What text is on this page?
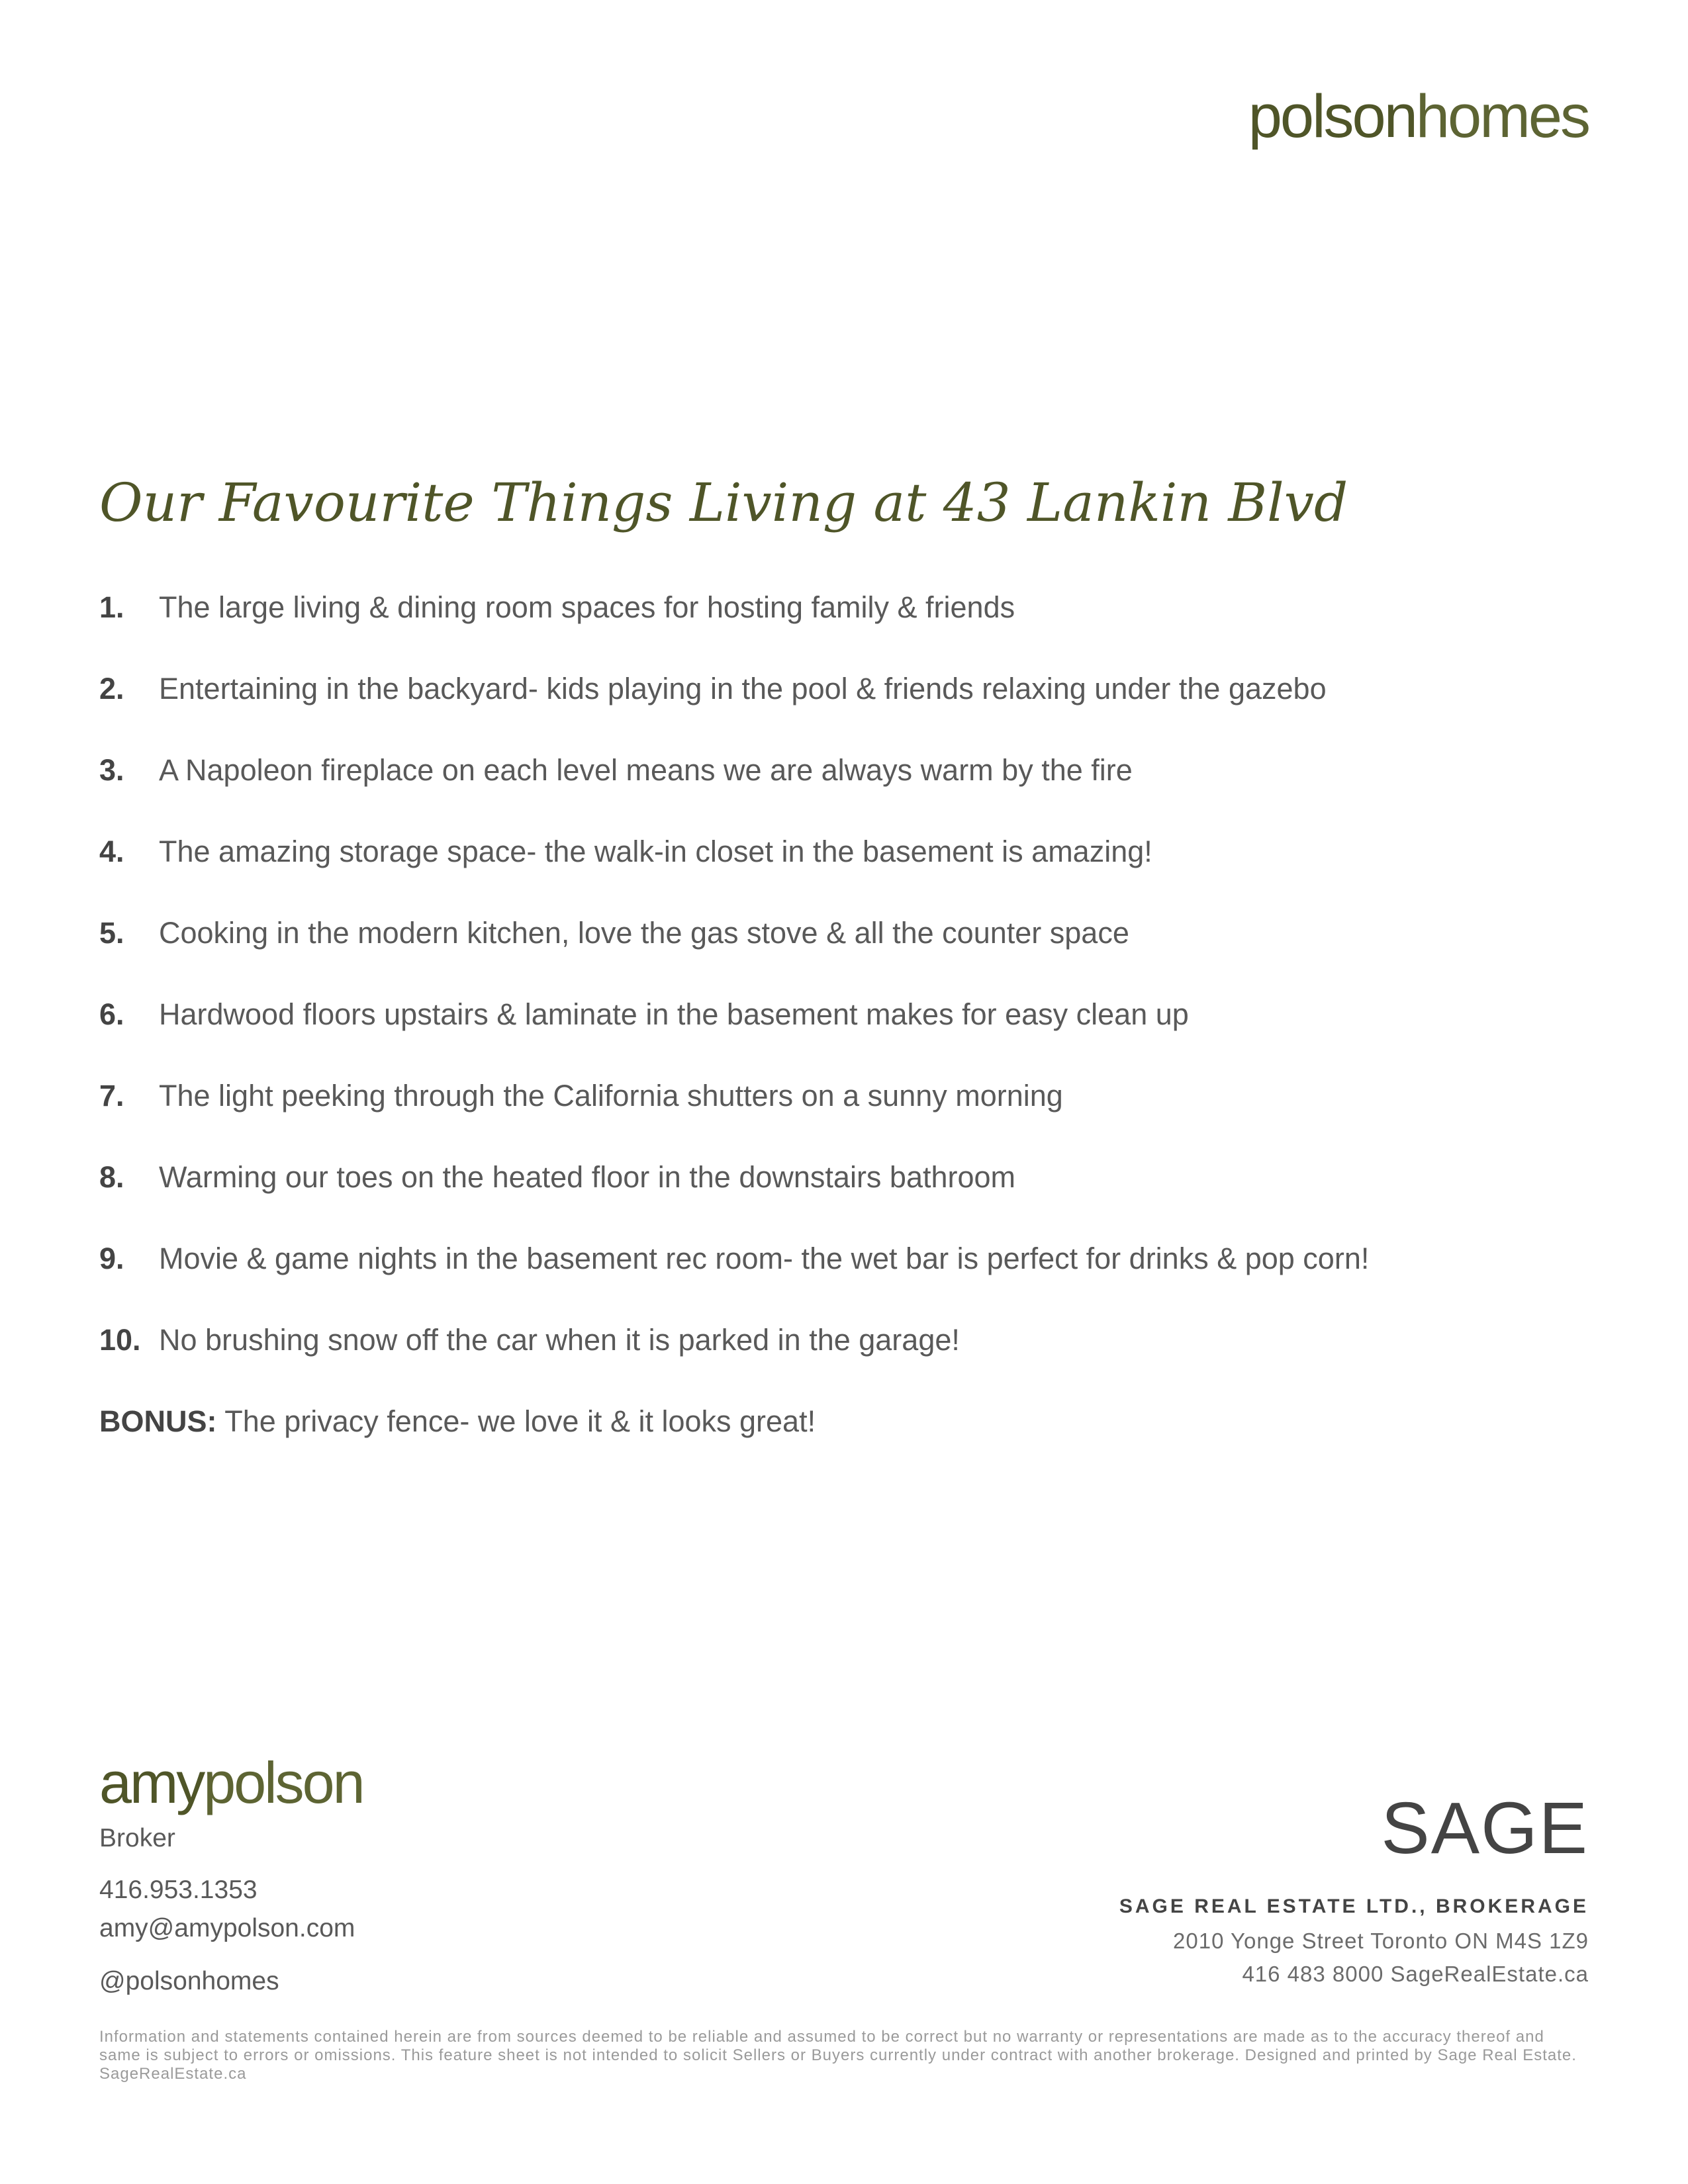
polsonhomes
Our Favourite Things Living at 43 Lankin Blvd
1.	The large living & dining room spaces for hosting family & friends
2.	Entertaining in the backyard- kids playing in the pool & friends relaxing under the gazebo
3.	A Napoleon fireplace on each level means we are always warm by the fire
4.	The amazing storage space- the walk-in closet in the basement is amazing!
5.	Cooking in the modern kitchen, love the gas stove & all the counter space
6.	Hardwood floors upstairs & laminate in the basement makes for easy clean up
7.	The light peeking through the California shutters on a sunny morning
8.	Warming our toes on the heated floor in the downstairs bathroom
9.	Movie & game nights in the basement rec room- the wet bar is perfect for drinks & pop corn!
10. No brushing snow off the car when it is parked in the garage!
BONUS: The privacy fence- we love it & it looks great!
amypolson
Broker
416.953.1353
amy@amypolson.com
@polsonhomes
SAGE
SAGE REAL ESTATE LTD., BROKERAGE
2010 Yonge Street Toronto ON M4S 1Z9
416 483 8000 SageRealEstate.ca
Information and statements contained herein are from sources deemed to be reliable and assumed to be correct but no warranty or representations are made as to the accuracy thereof and same is subject to errors or omissions. This feature sheet is not intended to solicit Sellers or Buyers currently under contract with another brokerage. Designed and printed by Sage Real Estate. SageRealEstate.ca
